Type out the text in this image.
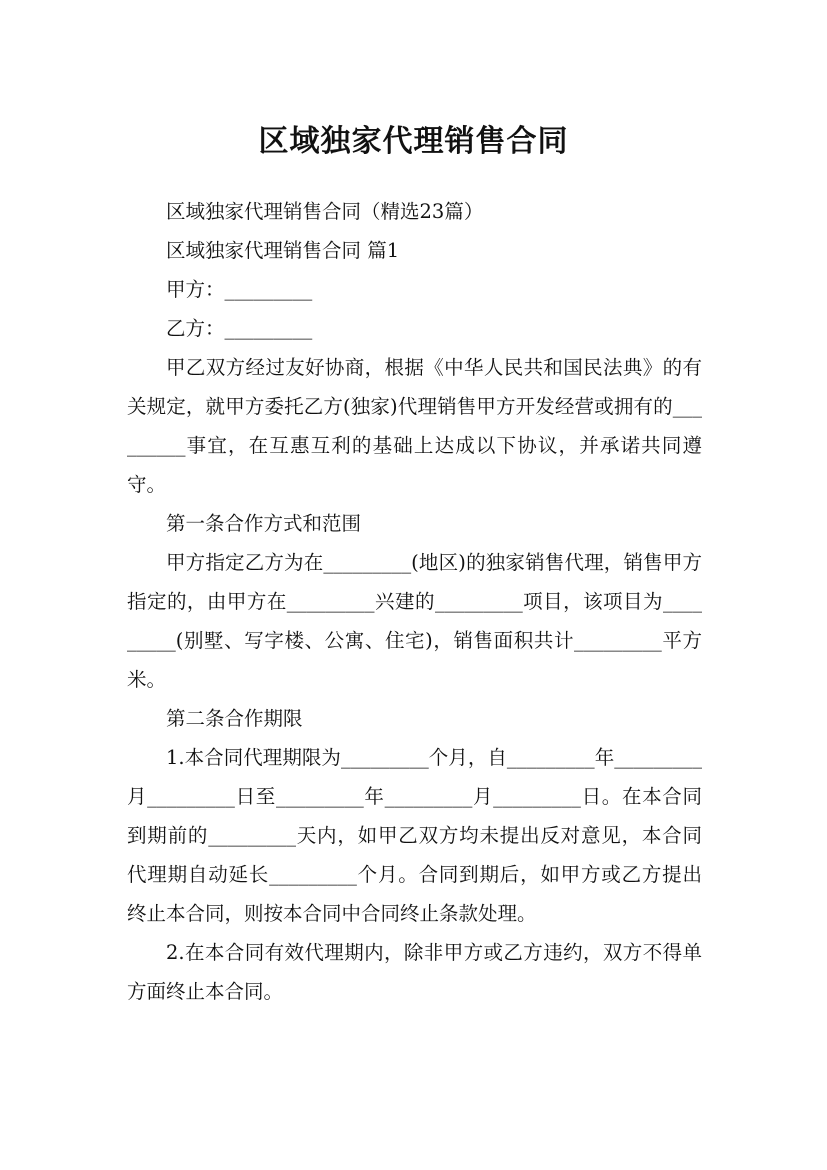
区域独家代理销售合同

区域独家代理销售合同（精选23篇）

区域独家代理销售合同 篇1

甲方：_________

乙方：_________

甲乙双方经过友好协商，根据《中华人民共和国民法典》的有关规定，就甲方委托乙方(独家)代理销售甲方开发经营或拥有的_________事宜，在互惠互利的基础上达成以下协议，并承诺共同遵守。

第一条合作方式和范围

甲方指定乙方为在_________(地区)的独家销售代理，销售甲方指定的，由甲方在_________兴建的_________项目，该项目为_________(别墅、写字楼、公寓、住宅)，销售面积共计_________平方米。

第二条合作期限

1.本合同代理期限为_________个月，自_________年_________月_________日至_________年_________月_________日。在本合同到期前的_________天内，如甲乙双方均未提出反对意见，本合同代理期自动延长_________个月。合同到期后，如甲方或乙方提出终止本合同，则按本合同中合同终止条款处理。

2.在本合同有效代理期内，除非甲方或乙方违约，双方不得单方面终止本合同。
